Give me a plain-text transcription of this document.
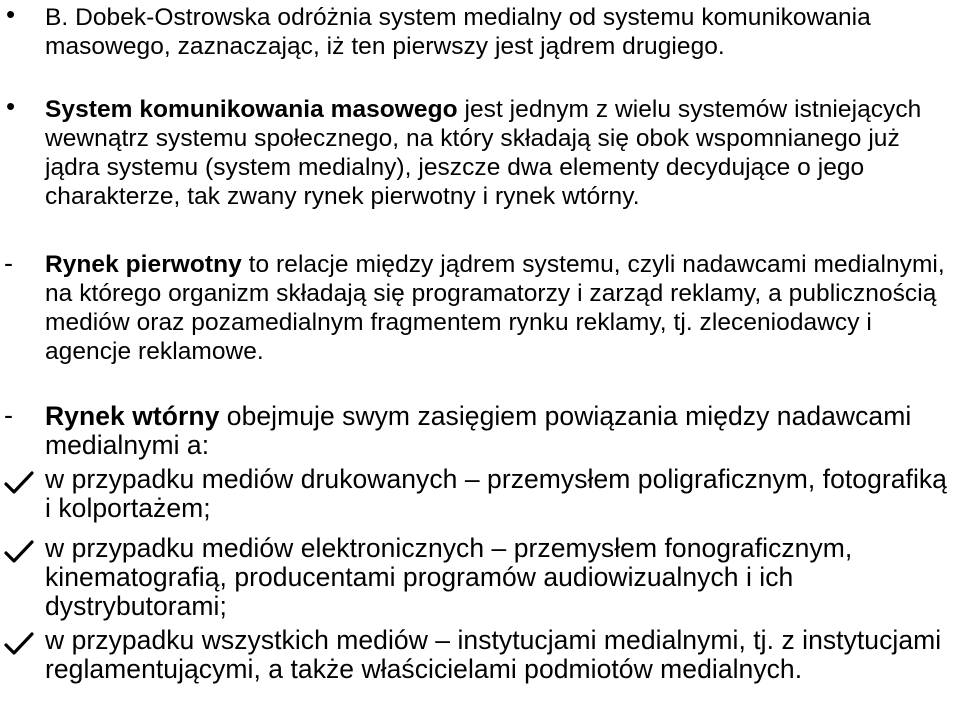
• B. Dobek-Ostrowska odróżnia system medialny od systemu komunikowania masowego, zaznaczając, iż ten pierwszy jest jądrem drugiego.
• System komunikowania masowego jest jednym z wielu systemów istniejących wewnątrz systemu społecznego, na który składają się obok wspomnianego już jądra systemu (system medialny), jeszcze dwa elementy decydujące o jego charakterze, tak zwany rynek pierwotny i rynek wtórny.
- Rynek pierwotny to relacje między jądrem systemu, czyli nadawcami medialnymi, na którego organizm składają się programatorzy i zarząd reklamy, a publicznością mediów oraz pozamedialnym fragmentem rynku reklamy, tj. zleceniodawcy i agencje reklamowe.
- Rynek wtórny obejmuje swym zasięgiem powiązania między nadawcami medialnymi a:
w przypadku mediów drukowanych – przemysłem poligraficznym, fotografiką i kolportażem;
w przypadku mediów elektronicznych – przemysłem fonograficznym, kinematografią, producentami programów audiowizualnych i ich dystrybutorami;
w przypadku wszystkich mediów – instytucjami medialnymi, tj. z instytucjami reglamentującymi, a także właścicielami podmiotów medialnych.
